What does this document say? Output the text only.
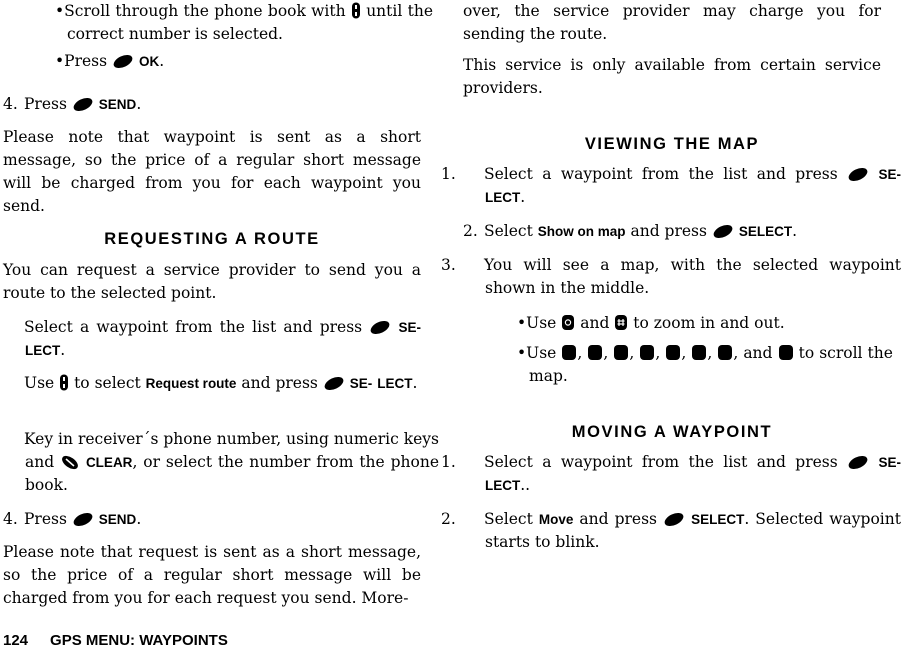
•Scroll through the phone book with until the correct number is selected.

•Press OK.

4. Press SEND.

Please note that waypoint is sent as a short message, so the price of a regular short message will be charged from you for each waypoint you send.

REQUESTING A ROUTE

You can request a service provider to send you a route to the selected point.

Select a waypoint from the list and press	SE- LECT.

Use to select Request route and press SE- LECT.

Key in receiver´s phone number, using numeric keys and CLEAR, or select the number from the phone book.

4. Press SEND.

Please note that request is sent as a short message, so the price of a regular short message will be charged from you for each request you send. More-

over, the service provider may charge you for sending the route.

This service is only available from certain service providers.

VIEWING THE MAP

1. Select a waypoint from the list and press	SE- LECT.

2. Select Show on map and press SELECT.

3. You will see a map, with the selected waypoint shown in the middle.

•Use and to zoom in and out.

•Use , , , , , , , and to scroll the map.

MOVING A WAYPOINT

1. Select a waypoint from the list and press	SE- LECT..

2. Select Move and press	SELECT. Selected waypoint starts to blink.

124 GPS MENU: WAYPOINTS
